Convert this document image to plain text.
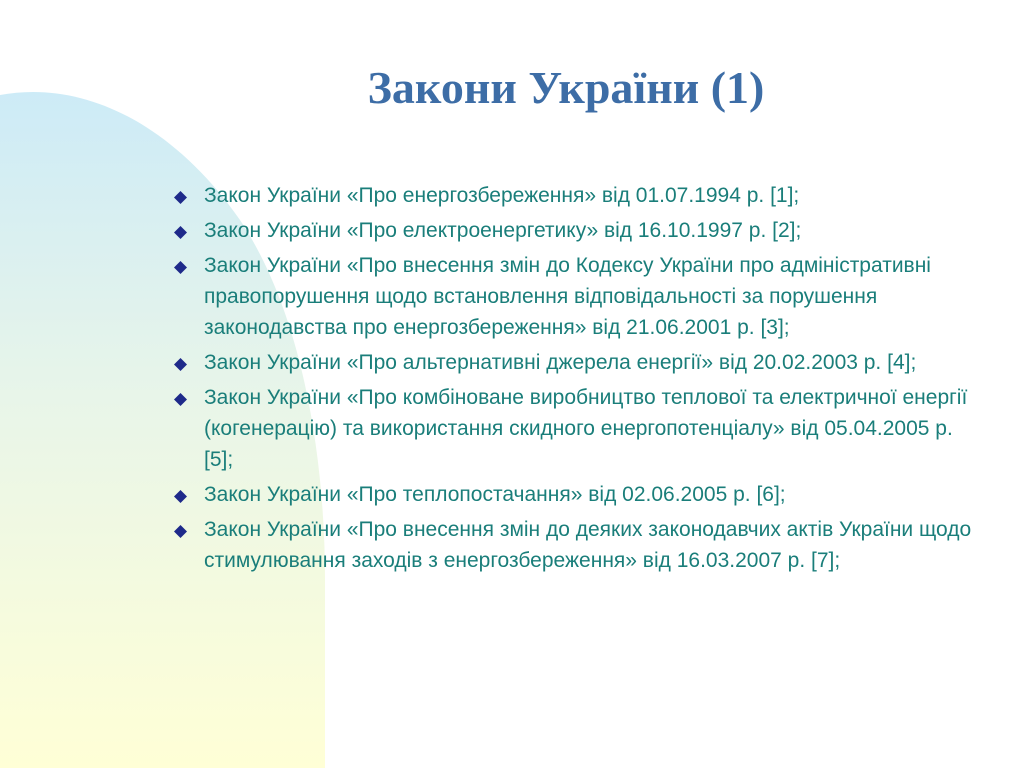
Закони України (1)
Закон України «Про енергозбереження» від 01.07.1994 р. [1];
Закон України «Про електроенергетику» від 16.10.1997 р. [2];
Закон України «Про внесення змін до Кодексу України про адміністративні правопорушення щодо встановлення відповідальності за порушення законодавства про енергозбереження» від 21.06.2001 р. [3];
Закон України «Про альтернативні джерела енергії» від 20.02.2003 р. [4];
Закон України «Про комбіноване виробництво теплової та електричної енергії (когенерацію) та використання скидного енергопотенціалу» від 05.04.2005 р. [5];
Закон України «Про теплопостачання» від 02.06.2005 р. [6];
Закон України «Про внесення змін до деяких законодавчих актів України щодо стимулювання заходів з енергозбереження» від 16.03.2007 р. [7];
